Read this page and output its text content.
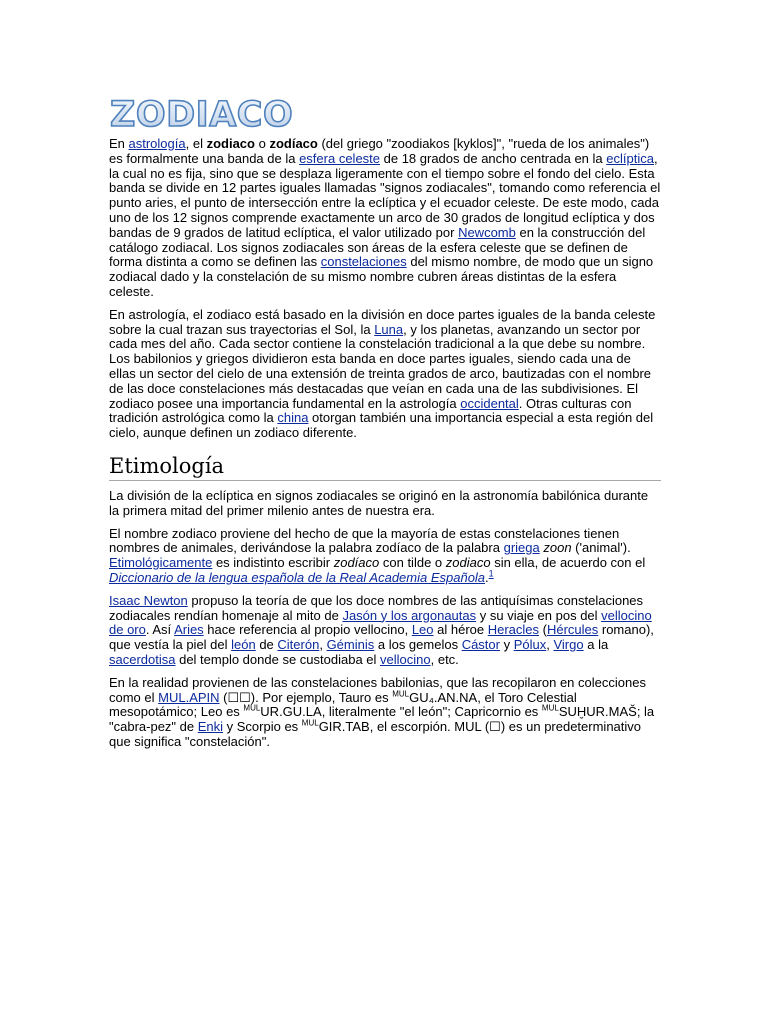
ZODIACO

En astrología, el zodiaco o zodíaco (del griego "zoodiakos [kyklos]", "rueda de los animales") es formalmente una banda de la esfera celeste de 18 grados de ancho centrada en la eclíptica, la cual no es fija, sino que se desplaza ligeramente con el tiempo sobre el fondo del cielo. Esta banda se divide en 12 partes iguales llamadas "signos zodiacales", tomando como referencia el punto aries, el punto de intersección entre la eclíptica y el ecuador celeste. De este modo, cada uno de los 12 signos comprende exactamente un arco de 30 grados de longitud eclíptica y dos bandas de 9 grados de latitud eclíptica, el valor utilizado por Newcomb en la construcción del catálogo zodiacal. Los signos zodiacales son áreas de la esfera celeste que se definen de forma distinta a como se definen las constelaciones del mismo nombre, de modo que un signo zodiacal dado y la constelación de su mismo nombre cubren áreas distintas de la esfera celeste.

En astrología, el zodiaco está basado en la división en doce partes iguales de la banda celeste sobre la cual trazan sus trayectorias el Sol, la Luna, y los planetas, avanzando un sector por cada mes del año. Cada sector contiene la constelación tradicional a la que debe su nombre. Los babilonios y griegos dividieron esta banda en doce partes iguales, siendo cada una de ellas un sector del cielo de una extensión de treinta grados de arco, bautizadas con el nombre de las doce constelaciones más destacadas que veían en cada una de las subdivisiones. El zodiaco posee una importancia fundamental en la astrología occidental. Otras culturas con tradición astrológica como la china otorgan también una importancia especial a esta región del cielo, aunque definen un zodiaco diferente.

Etimología

La división de la eclíptica en signos zodiacales se originó en la astronomía babilónica durante la primera mitad del primer milenio antes de nuestra era.

El nombre zodiaco proviene del hecho de que la mayoría de estas constelaciones tienen nombres de animales, derivándose la palabra zodíaco de la palabra griega zoon ('animal'). Etimológicamente es indistinto escribir zodíaco con tilde o zodiaco sin ella, de acuerdo con el Diccionario de la lengua española de la Real Academia Española.$^1$

Isaac Newton propuso la teoría de que los doce nombres de las antiquísimas constelaciones zodiacales rendían homenaje al mito de Jasón y los argonautas y su viaje en pos del vellocino de oro. Así Aries hace referencia al propio vellocino, Leo al héroe Heracles (Hércules romano), que vestía la piel del león de Citerón, Géminis a los gemelos Cástor y Pólux, Virgo a la sacerdotisa del templo donde se custodiaba el vellocino, etc.

En la realidad provienen de las constelaciones babilonias, que las recopilaron en colecciones como el MUL.APIN (☐☐). Por ejemplo, Tauro es $^{MUL}$GU₄.AN.NA, el Toro Celestial mesopotámico; Leo es $^{MUL}$UR.GU.LA, literalmente "el león"; Capricornio es $^{MUL}$SUḪUR.MAŠ; la "cabra-pez" de Enki y Scorpio es $^{MUL}$GIR.TAB, el escorpión. MUL (☐) es un predeterminativo que significa "constelación".
